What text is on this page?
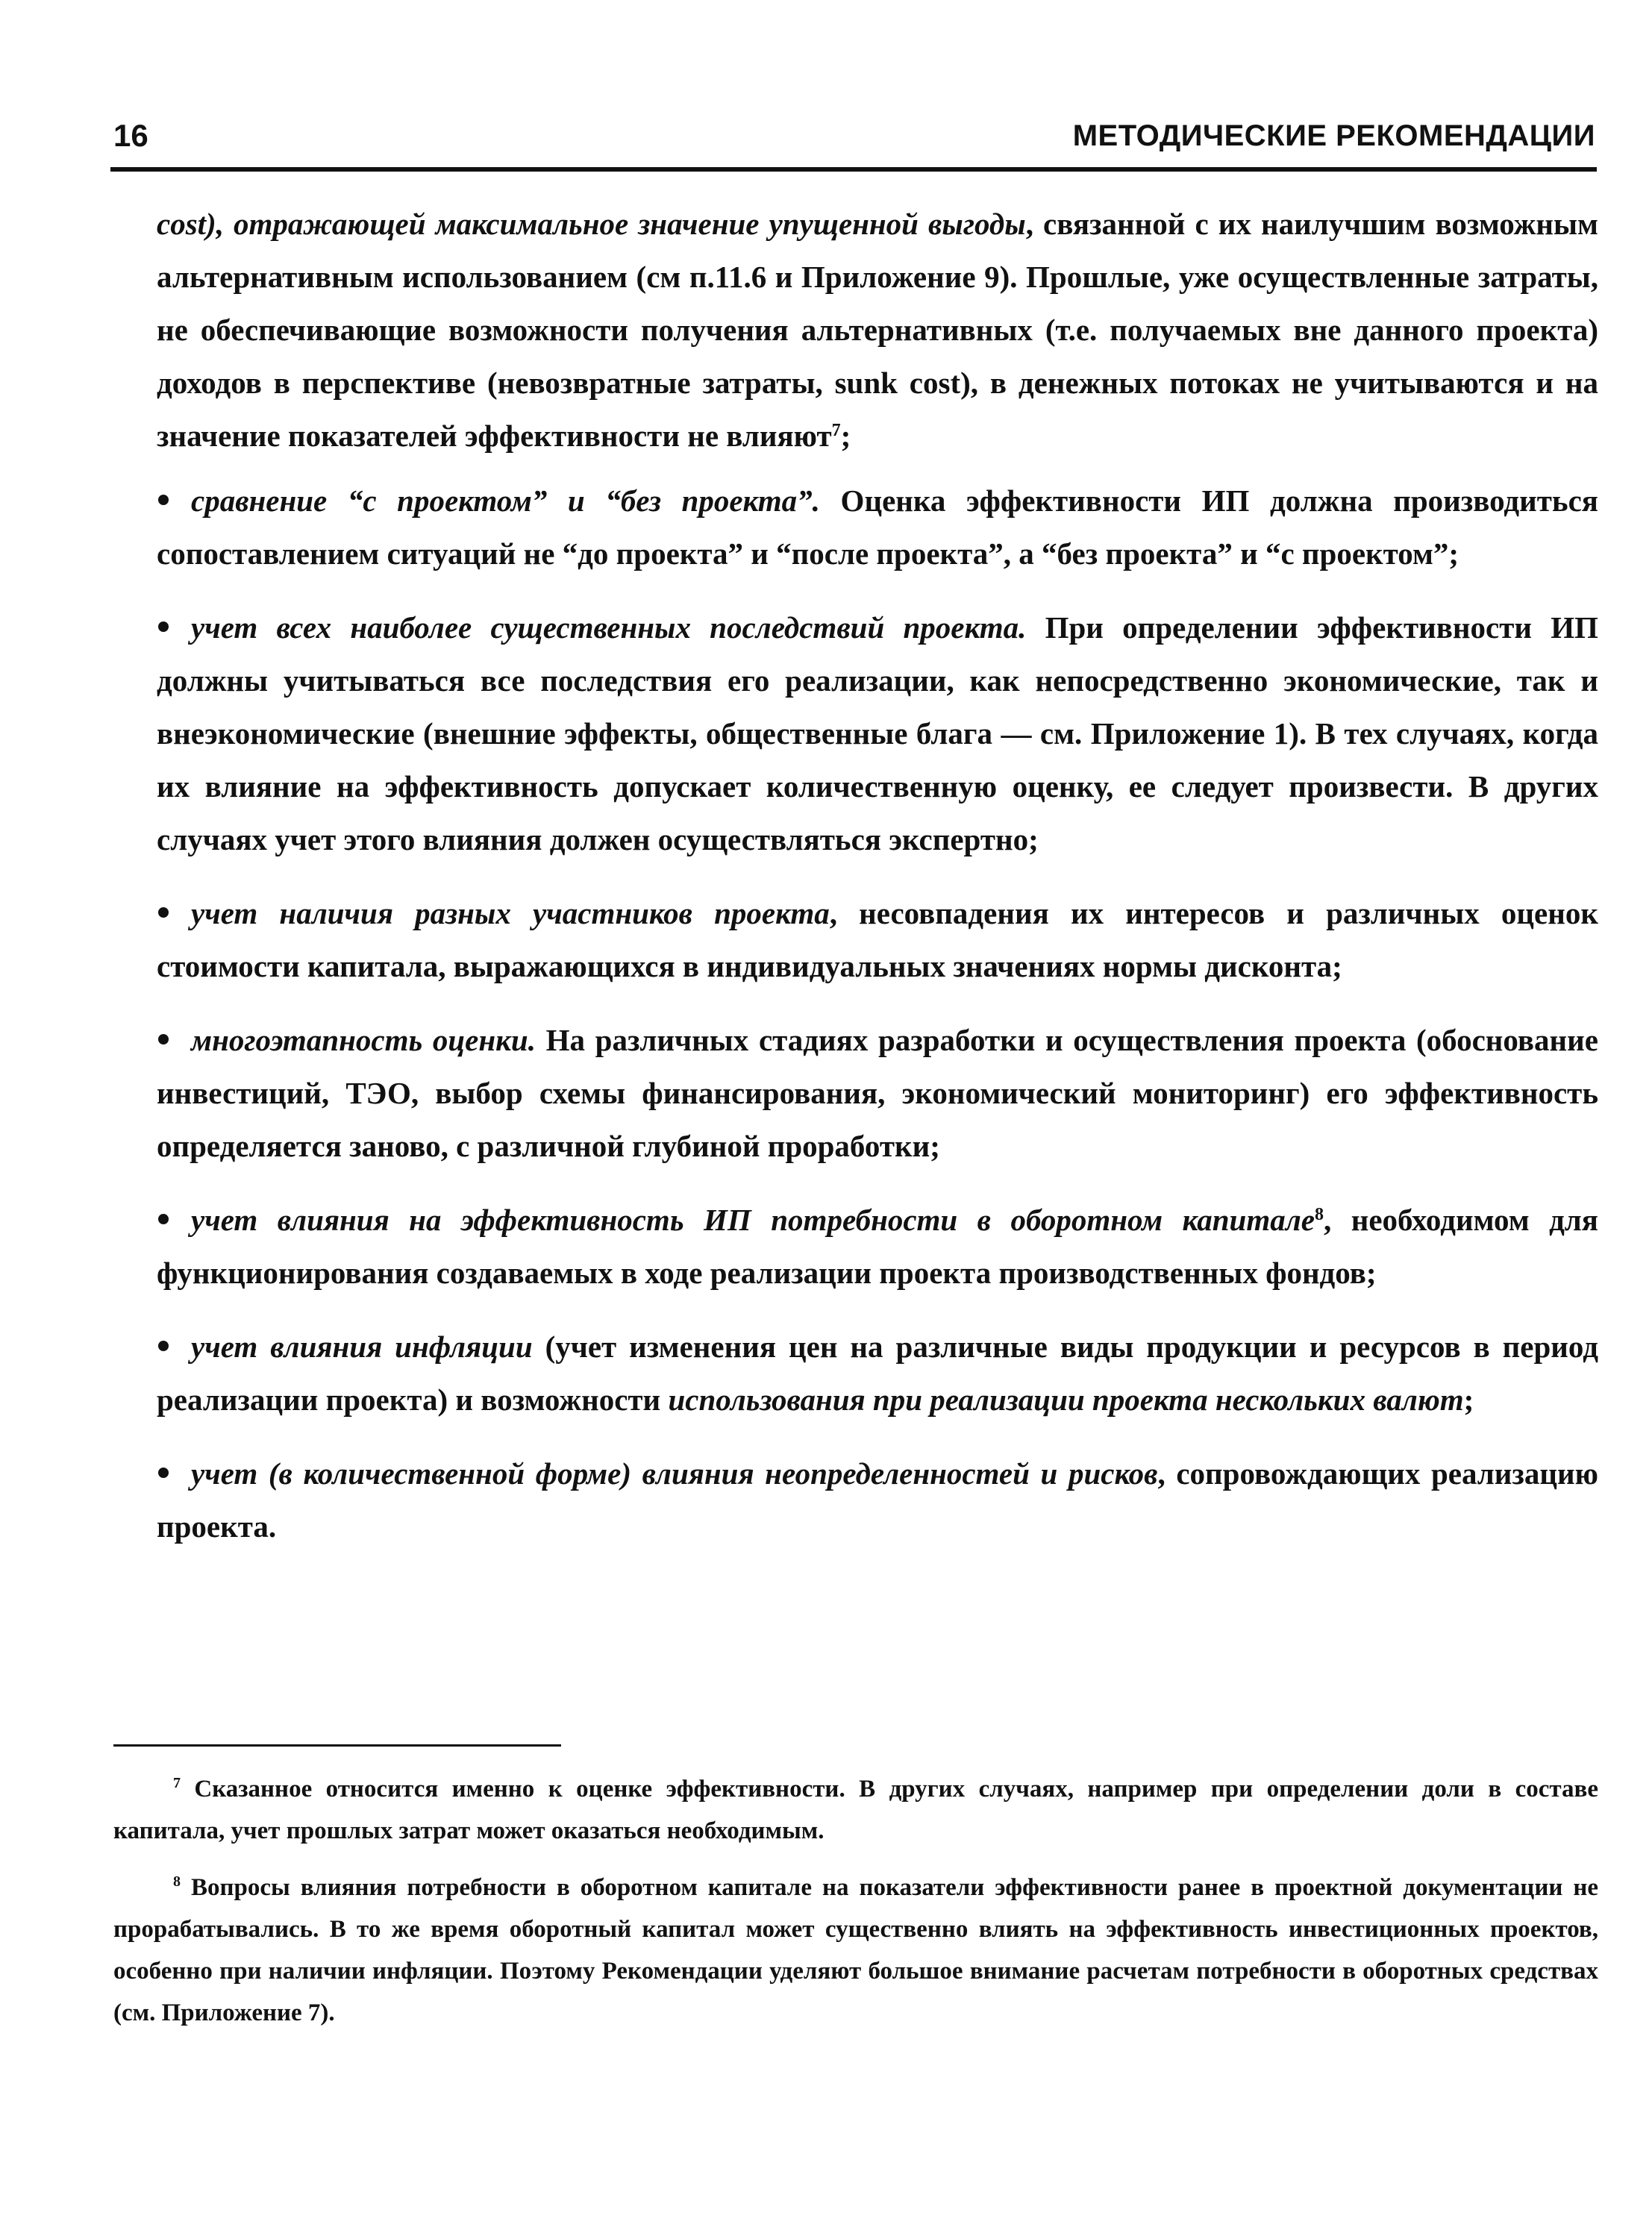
16	МЕТОДИЧЕСКИЕ РЕКОМЕНДАЦИИ

cost), отражающей максимальное значение упущенной выгоды, связанной с их наилучшим возможным альтернативным использованием (см п.11.6 и Приложение 9). Прошлые, уже осуществленные затраты, не обеспечивающие возможности получения альтернативных (т.е. получаемых вне данного проекта) доходов в перспективе (невозвратные затраты, sunk cost), в денежных потоках не учитываются и на значение показателей эффективности не влияют$^7$;

сравнение “с проектом” и “без проекта”. Оценка эффективности ИП должна производиться сопоставлением ситуаций не “до проекта” и “после проекта”, а “без проекта” и “с проектом”;

учет всех наиболее существенных последствий проекта. При определении эффективности ИП должны учитываться все последствия его реализации, как непосредственно экономические, так и внеэкономические (внешние эффекты, общественные блага — см. Приложение 1). В тех случаях, когда их влияние на эффективность допускает количественную оценку, ее следует произвести. В других случаях учет этого влияния должен осуществляться экспертно;

учет наличия разных участников проекта, несовпадения их интересов и различных оценок стоимости капитала, выражающихся в индивидуальных значениях нормы дисконта;

многоэтапность оценки. На различных стадиях разработки и осуществления проекта (обоснование инвестиций, ТЭО, выбор схемы финансирования, экономический мониторинг) его эффективность определяется заново, с различной глубиной проработки;

учет влияния на эффективность ИП потребности в оборотном капитале$^8$, необходимом для функционирования создаваемых в ходе реализации проекта производственных фондов;

учет влияния инфляции (учет изменения цен на различные виды продукции и ресурсов в период реализации проекта) и возможности использования при реализации проекта нескольких валют;

учет (в количественной форме) влияния неопределенностей и рисков, сопровождающих реализацию проекта.

$^7$ Сказанное относится именно к оценке эффективности. В других случаях, например при определении доли в составе капитала, учет прошлых затрат может оказаться необходимым.

$^8$ Вопросы влияния потребности в оборотном капитале на показатели эффективности ранее в проектной документации не прорабатывались. В то же время оборотный капитал может существенно влиять на эффективность инвестиционных проектов, особенно при наличии инфляции. Поэтому Рекомендации уделяют большое внимание расчетам потребности в оборотных средствах (см. Приложение 7).
